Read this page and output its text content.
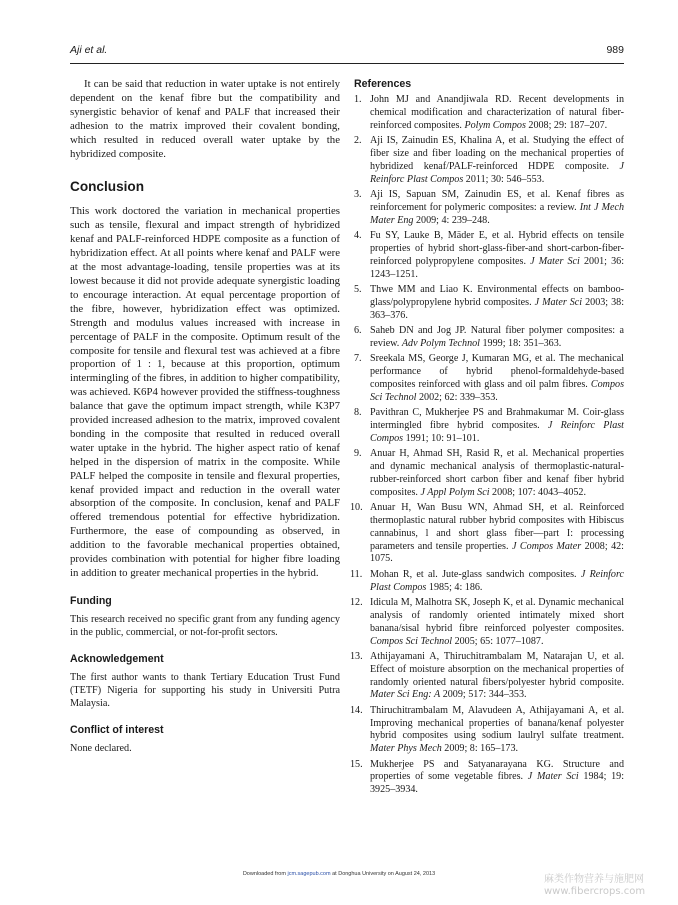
Aji et al.	989

It can be said that reduction in water uptake is not entirely dependent on the kenaf fibre but the compatibility and synergistic behavior of kenaf and PALF that increased their adhesion to the matrix improved their covalent bonding, which resulted in reduced overall water uptake by the hybridized composite.

Conclusion

This work doctored the variation in mechanical properties such as tensile, flexural and impact strength of hybridized kenaf and PALF-reinforced HDPE composite as a function of hybridization effect. At all points where kenaf and PALF were at the most advantage-loading, tensile properties was at its lowest because it did not provide adequate synergistic loading to encourage interaction. At equal percentage proportion of the fibre, however, hybridization effect was optimized. Strength and modulus values increased with increase in percentage of PALF in the composite. Optimum result of the composite for tensile and flexural test was achieved at a fibre proportion of 1 : 1, because at this proportion, optimum intermingling of the fibres, in addition to higher compatibility, was achieved. K6P4 however provided the stiffness-toughness balance that gave the optimum impact strength, while K3P7 provided increased adhesion to the matrix, improved covalent bonding in the composite that resulted in reduced overall water uptake in the hybrid. The higher aspect ratio of kenaf helped in the dispersion of matrix in the composite. While PALF helped the composite in tensile and flexural properties, kenaf provided impact and reduction in the overall water absorption of the composite. In conclusion, kenaf and PALF offered tremendous potential for effective hybridization. Furthermore, the ease of compounding as observed, in addition to the favorable mechanical properties obtained, provides combination with potential for higher fibre loading in addition to greater mechanical properties in the hybrid.

Funding

This research received no specific grant from any funding agency in the public, commercial, or not-for-profit sectors.

Acknowledgement

The first author wants to thank Tertiary Education Trust Fund (TETF) Nigeria for supporting his study in Universiti Putra Malaysia.

Conflict of interest

None declared.

References
1. John MJ and Anandjiwala RD. Recent developments in chemical modification and characterization of natural fiber-reinforced composites. Polym Compos 2008; 29: 187–207.
2. Aji IS, Zainudin ES, Khalina A, et al. Studying the effect of fiber size and fiber loading on the mechanical properties of hybridized kenaf/PALF-reinforced HDPE composite. J Reinforc Plast Compos 2011; 30: 546–553.
3. Aji IS, Sapuan SM, Zainudin ES, et al. Kenaf fibres as reinforcement for polymeric composites: a review. Int J Mech Mater Eng 2009; 4: 239–248.
4. Fu SY, Lauke B, Mäder E, et al. Hybrid effects on tensile properties of hybrid short-glass-fiber-and short-carbon-fiber-reinforced polypropylene composites. J Mater Sci 2001; 36: 1243–1251.
5. Thwe MM and Liao K. Environmental effects on bamboo-glass/polypropylene hybrid composites. J Mater Sci 2003; 38: 363–376.
6. Saheb DN and Jog JP. Natural fiber polymer composites: a review. Adv Polym Technol 1999; 18: 351–363.
7. Sreekala MS, George J, Kumaran MG, et al. The mechanical performance of hybrid phenol-formaldehyde-based composites reinforced with glass and oil palm fibres. Compos Sci Technol 2002; 62: 339–353.
8. Pavithran C, Mukherjee PS and Brahmakumar M. Coir-glass intermingled fibre hybrid composites. J Reinforc Plast Compos 1991; 10: 91–101.
9. Anuar H, Ahmad SH, Rasid R, et al. Mechanical properties and dynamic mechanical analysis of thermoplastic-natural-rubber-reinforced short carbon fiber and kenaf fiber hybrid composites. J Appl Polym Sci 2008; 107: 4043–4052.
10. Anuar H, Wan Busu WN, Ahmad SH, et al. Reinforced thermoplastic natural rubber hybrid composites with Hibiscus cannabinus, l and short glass fiber—part I: processing parameters and tensile properties. J Compos Mater 2008; 42: 1075.
11. Mohan R, et al. Jute-glass sandwich composites. J Reinforc Plast Compos 1985; 4: 186.
12. Idicula M, Malhotra SK, Joseph K, et al. Dynamic mechanical analysis of randomly oriented intimately mixed short banana/sisal hybrid fibre reinforced polyester composites. Compos Sci Technol 2005; 65: 1077–1087.
13. Athijayamani A, Thiruchitrambalam M, Natarajan U, et al. Effect of moisture absorption on the mechanical properties of randomly oriented natural fibers/polyester hybrid composite. Mater Sci Eng: A 2009; 517: 344–353.
14. Thiruchitrambalam M, Alavudeen A, Athijayamani A, et al. Improving mechanical properties of banana/kenaf polyester hybrid composites using sodium laulryl sulfate treatment. Mater Phys Mech 2009; 8: 165–173.
15. Mukherjee PS and Satyanarayana KG. Structure and properties of some vegetable fibres. J Mater Sci 1984; 19: 3925–3934.
Downloaded from jcm.sagepub.com at Donghua University on August 24, 2013	麻类作物营养与施肥网
www.fibercrops.com
